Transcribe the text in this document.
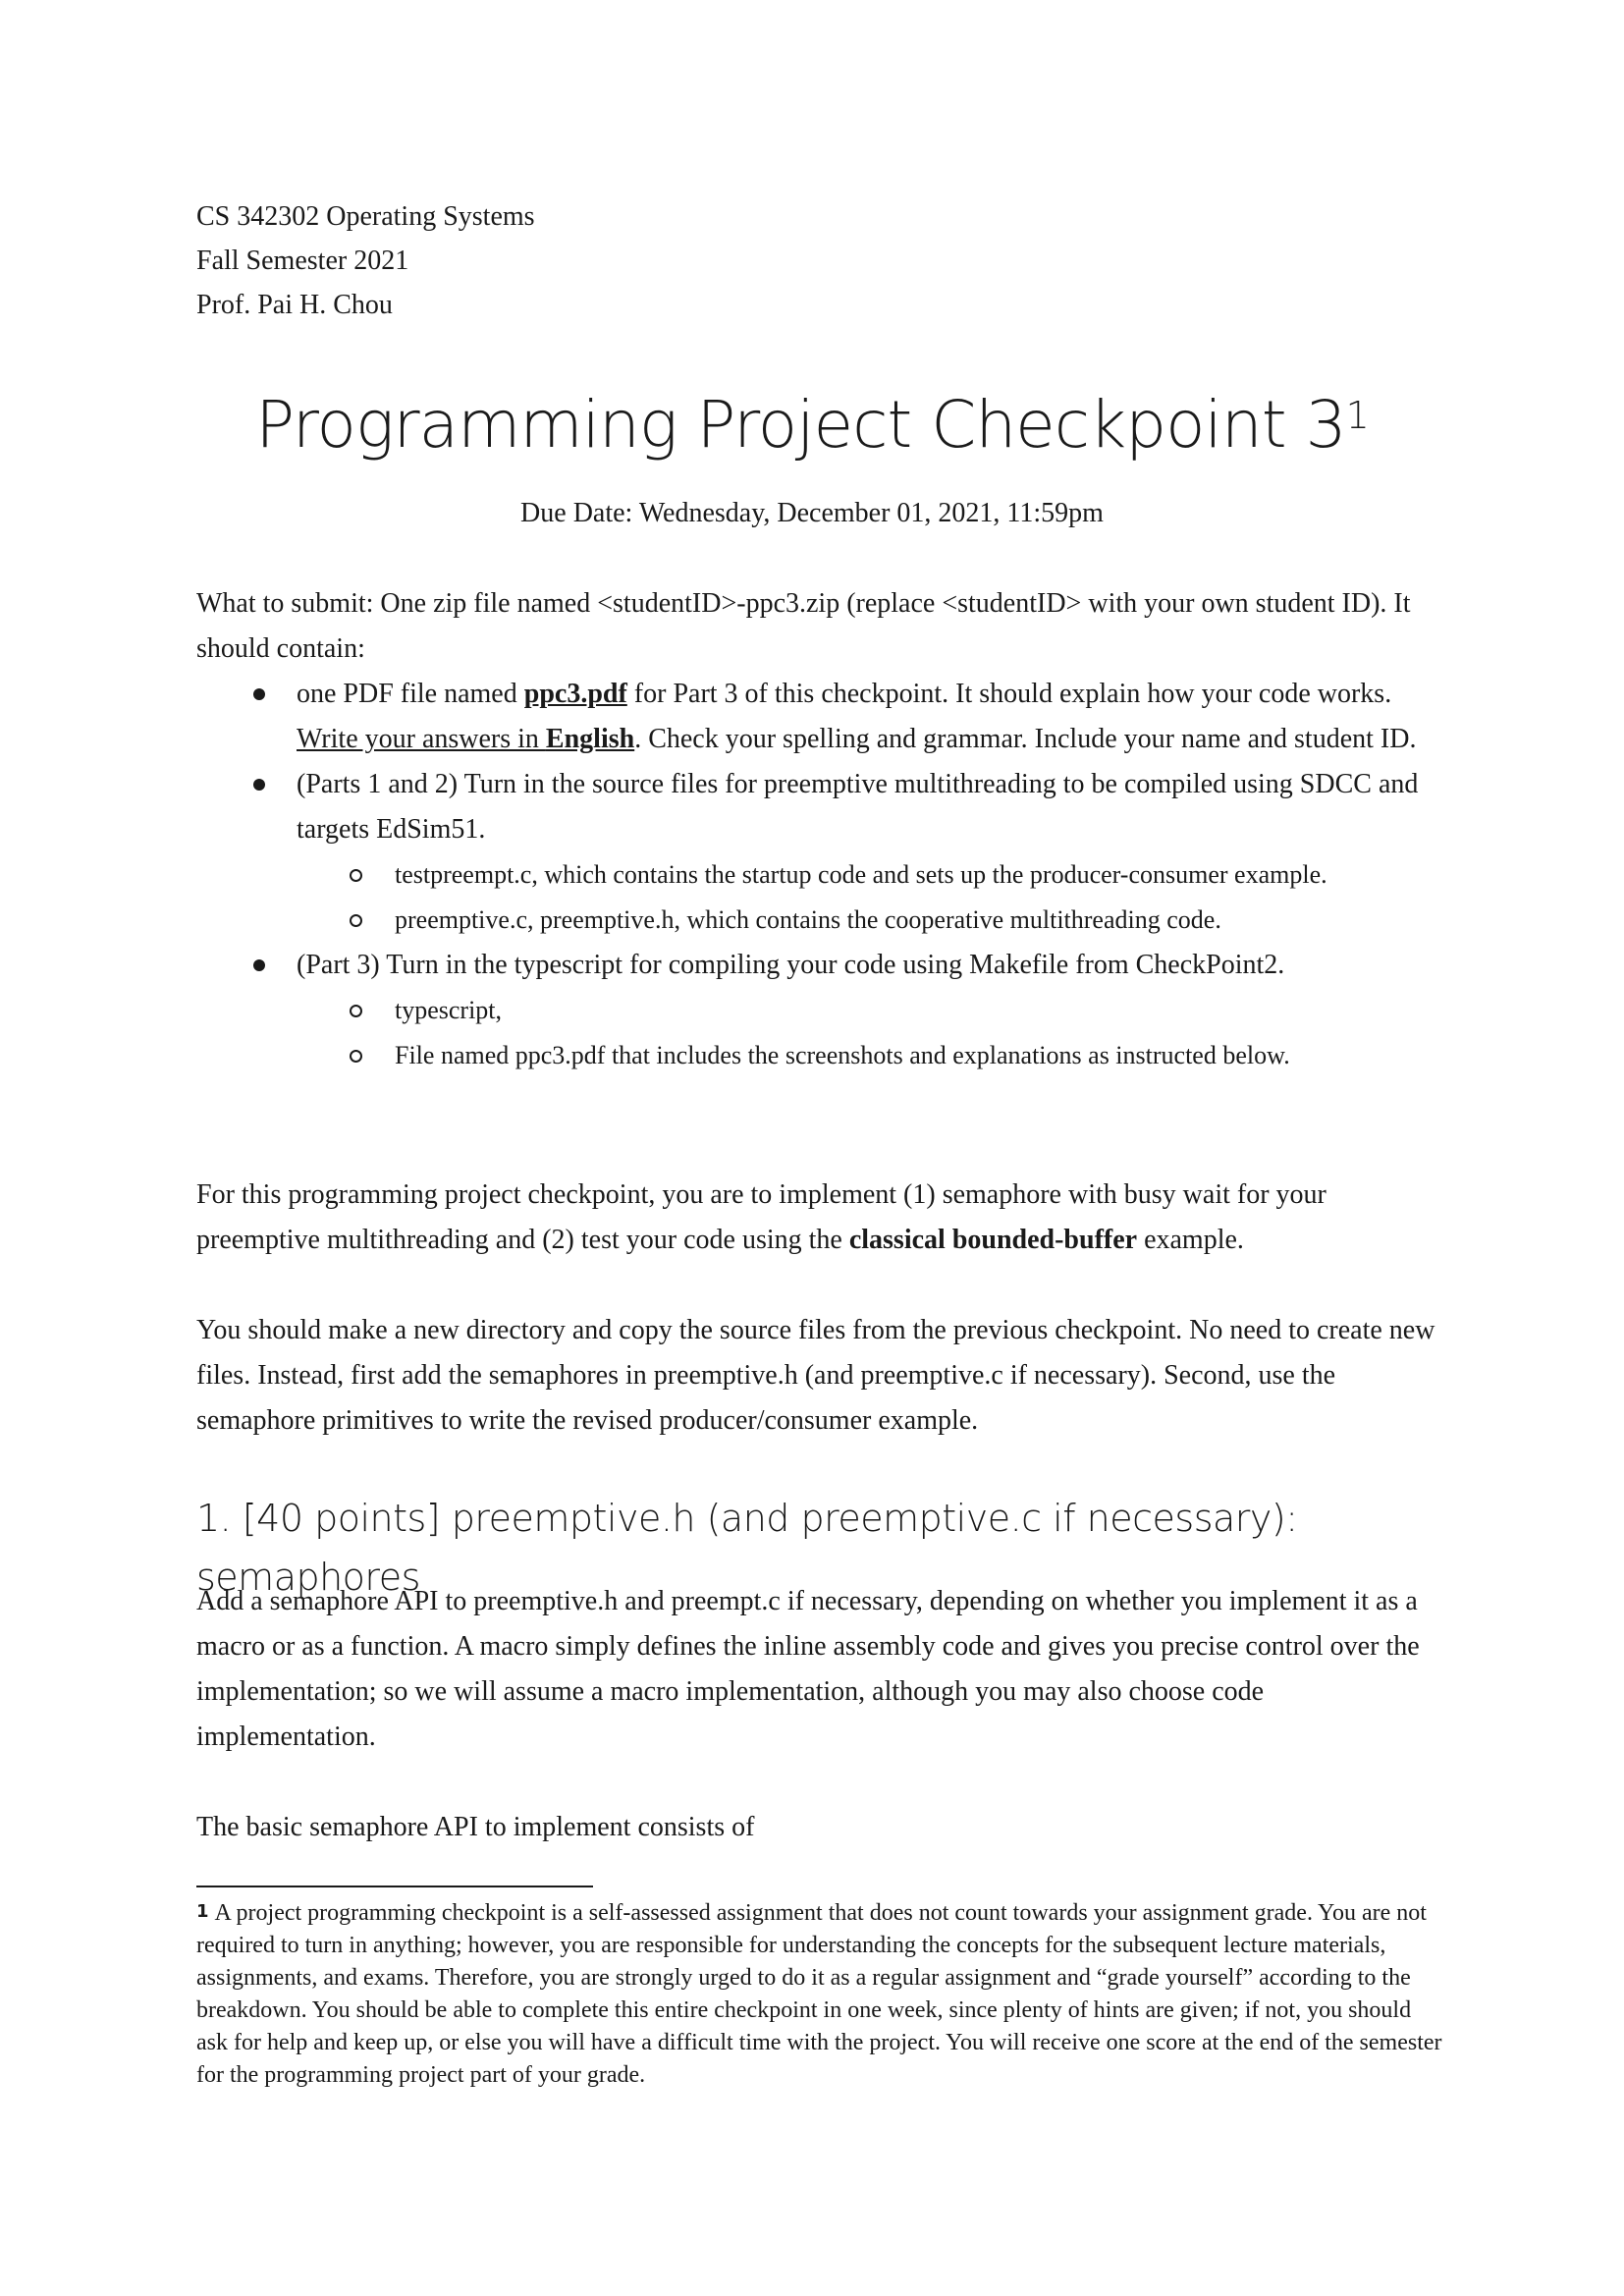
CS 342302 Operating Systems
Fall Semester 2021
Prof. Pai H. Chou
Programming Project Checkpoint $3^1$
Due Date: Wednesday, December 01, 2021, 11:59pm

What to submit: One zip file named <studentID>-ppc3.zip (replace <studentID> with your own student ID). It should contain:

one PDF file named ppc3.pdf for Part 3 of this checkpoint. It should explain how your code works. Write your answers in English. Check your spelling and grammar. Include your name and student ID.
(Parts 1 and 2) Turn in the source files for preemptive multithreading to be compiled using SDCC and targets EdSim51.
testpreempt.c, which contains the startup code and sets up the producer-consumer example.
preemptive.c, preemptive.h, which contains the cooperative multithreading code.
(Part 3) Turn in the typescript for compiling your code using Makefile from CheckPoint2.
typescript,
File named ppc3.pdf that includes the screenshots and explanations as instructed below.

For this programming project checkpoint, you are to implement (1) semaphore with busy wait for your preemptive multithreading and (2) test your code using the classical bounded-buffer example.

You should make a new directory and copy the source files from the previous checkpoint. No need to create new files. Instead, first add the semaphores in preemptive.h (and preemptive.c if necessary). Second, use the semaphore primitives to write the revised producer/consumer example.

1. [40 points] preemptive.h (and preemptive.c if necessary): semaphores

Add a semaphore API to preemptive.h and preempt.c if necessary, depending on whether you implement it as a macro or as a function. A macro simply defines the inline assembly code and gives you precise control over the implementation; so we will assume a macro implementation, although you may also choose code implementation.

The basic semaphore API to implement consists of

$^1$ A project programming checkpoint is a self-assessed assignment that does not count towards your assignment grade. You are not required to turn in anything; however, you are responsible for understanding the concepts for the subsequent lecture materials, assignments, and exams. Therefore, you are strongly urged to do it as a regular assignment and “grade yourself” according to the breakdown. You should be able to complete this entire checkpoint in one week, since plenty of hints are given; if not, you should ask for help and keep up, or else you will have a difficult time with the project. You will receive one score at the end of the semester for the programming project part of your grade.
